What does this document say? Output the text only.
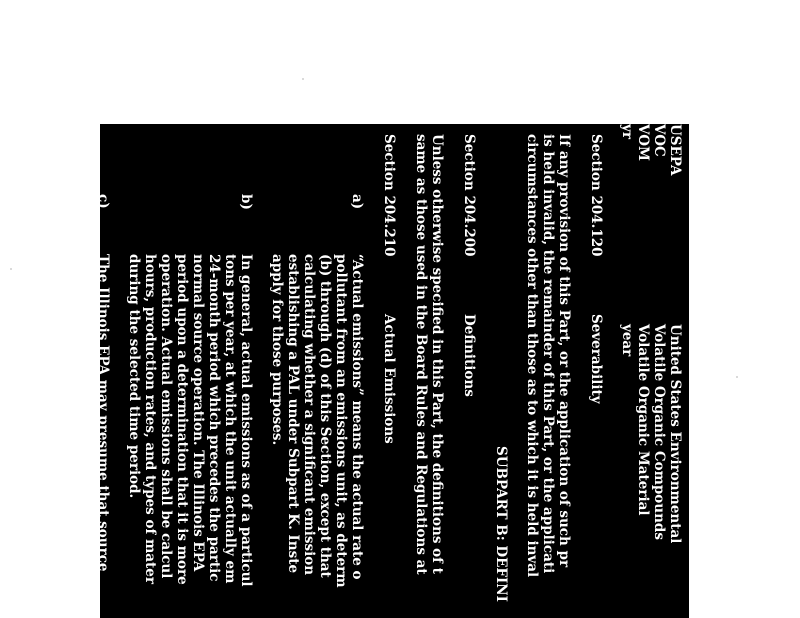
USEPA
United States Environmental
VOC
Volatile Organic Compounds
VOM
Volatile Organic Material
yr
year
Section 204.120
Severability
If any provision of this Part, or the application of such pr
is held invalid, the remainder of this Part, or the applicati
circumstances other than those as to which it is held inval
SUBPART B: DEFINI
Section 204.200
Definitions
Unless otherwise specified in this Part, the definitions of t
same as those used in the Board Rules and Regulations at
Section 204.210
Actual Emissions
a)
“Actual emissions” means the actual rate o
pollutant from an emissions unit, as determ
(b) through (d) of this Section, except that
calculating whether a significant emission
establishing a PAL under Subpart K. Inste
apply for those purposes.
b)
In general, actual emissions as of a particul
tons per year, at which the unit actually em
24-month period which precedes the partic
normal source operation. The Illinois EPA
period upon a determination that it is more
operation. Actual emissions shall be calcul
hours, production rates, and types of mater
during the selected time period.
c)
The Illinois EPA may presume that source
unit are equivalent to the actual emissions
d)
For any emissions unit that has not begun n
date, actual emissions shall equal the poten
Section 204.220
Adverse Impact on Visibility
